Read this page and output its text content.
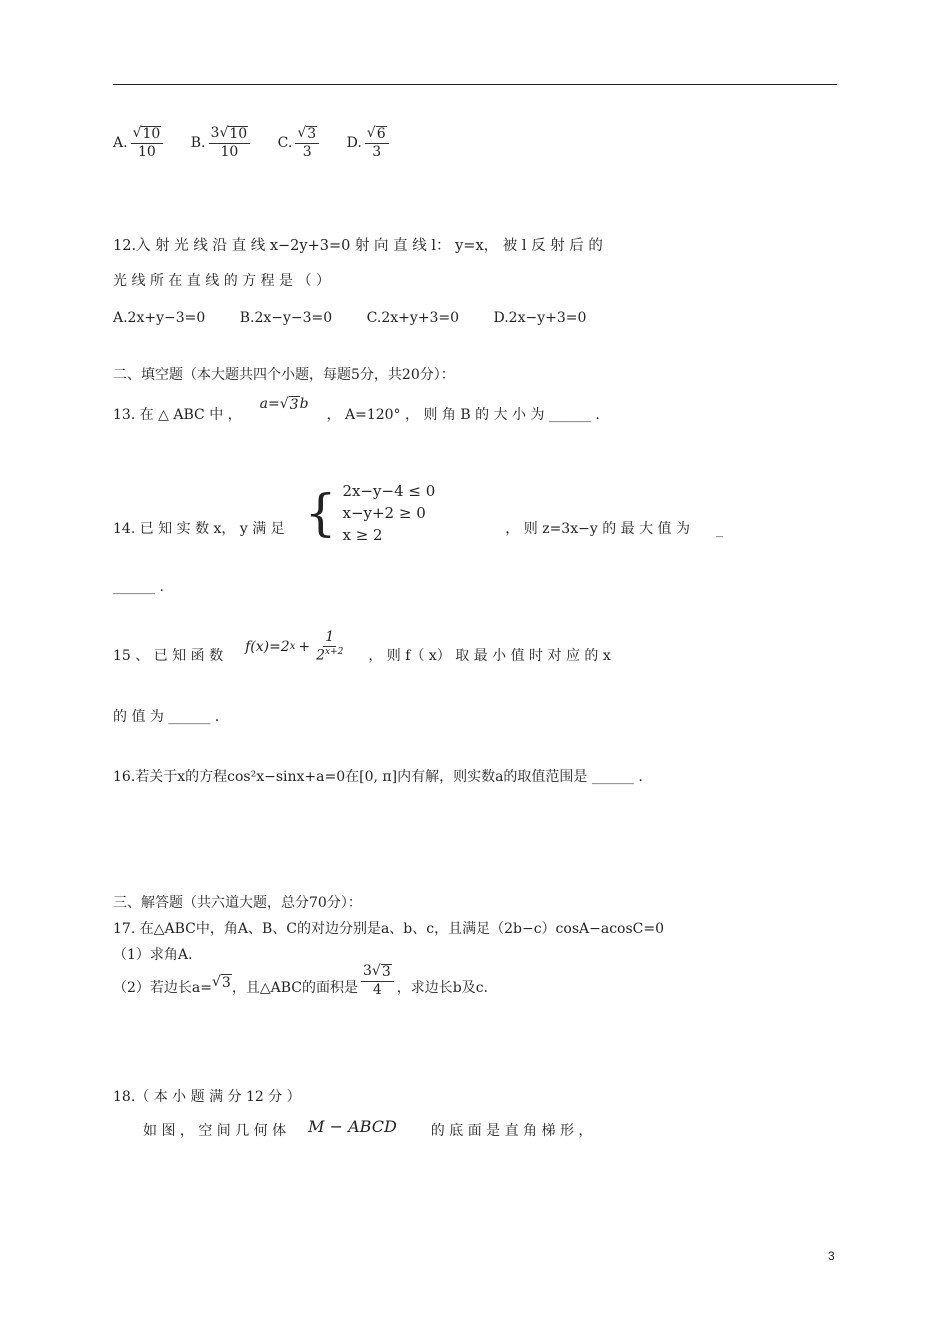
A. $\frac{√ 10}{10}$
B. $\frac{3 √ 10}{10}$
C. $\frac{√ 3}{3}$
D. $\frac{√ 6}{3}$
12.入 射 光 线 沿 直 线 x−2y+3=0 射 向 直 线 l： y=x， 被 l 反 射 后 的
光 线 所 在 直 线 的 方 程 是 （ ）
A.2x+y−3=0 B.2x−y−3=0 C.2x+y+3=0 D.2x−y+3=0
二、填空题（本大题共四个小题，每题5分，共20分）：
13. 在 △ ABC 中 ，
a= √ 3 b
， A=120° ， 则 角 B 的 大 小 为 ______ .
14. 已 知 实 数 x， y 满 足 { 2x−y−4 ≤ 0
x−y+2 ≥ 0
x ≥ 2	， 则 z=3x−y 的 最 大 值 为 _
______ .
15 、 已 知 函 数
f(x)=2 $x + \frac{1}{2^{x+2}}$ ， 则 f（ x） 取 最 小 值 时 对 应 的 x
的 值 为 ______ .
16.若关于x的方程cos²x−sinx+a=0在[0, π]内有解，则实数a的取值范围是 ______ .
三、解答题（共六道大题，总分70分）：
17. 在△ABC中，角A、B、C的对边分别是a、b、c，且满足（2b−c）cosA−acosC=0
（1）求角A.
（2）若边长a= √ 3 ，且△ABC的面积是 $\frac{3 √ 3}{4}$ ，求边长b及c.
18.（ 本 小 题 满 分 12 分 ）
如 图 ， 空 间 几 何 体 M − ABCD 的 底 面 是 直 角 梯 形 ，
3
